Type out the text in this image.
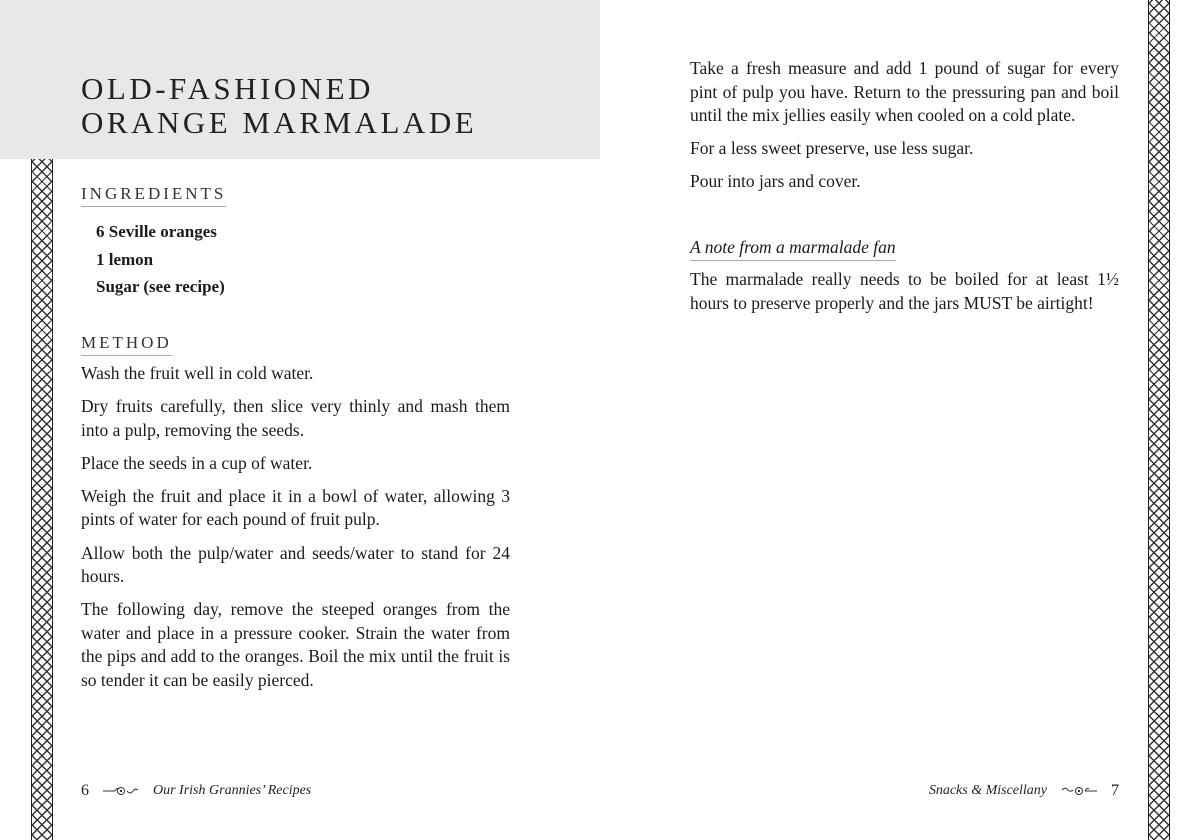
OLD-FASHIONED
ORANGE MARMALADE
INGREDIENTS
6 Seville oranges
1 lemon
Sugar (see recipe)
METHOD

Wash the fruit well in cold water.

Dry fruits carefully, then slice very thinly and mash them into a pulp, removing the seeds.

Place the seeds in a cup of water.

Weigh the fruit and place it in a bowl of water, allowing 3 pints of water for each pound of fruit pulp.

Allow both the pulp/water and seeds/water to stand for 24 hours.

The following day, remove the steeped oranges from the water and place in a pressure cooker. Strain the water from the pips and add to the oranges. Boil the mix until the fruit is so tender it can be easily pierced.

Take a fresh measure and add 1 pound of sugar for every pint of pulp you have. Return to the pressuring pan and boil until the mix jellies easily when cooled on a cold plate.

For a less sweet preserve, use less sugar.

Pour into jars and cover.

A note from a marmalade fan

The marmalade really needs to be boiled for at least 1½ hours to preserve properly and the jars MUST be airtight!

6	Our Irish Grannies’ Recipes	Snacks & Miscellany	7
